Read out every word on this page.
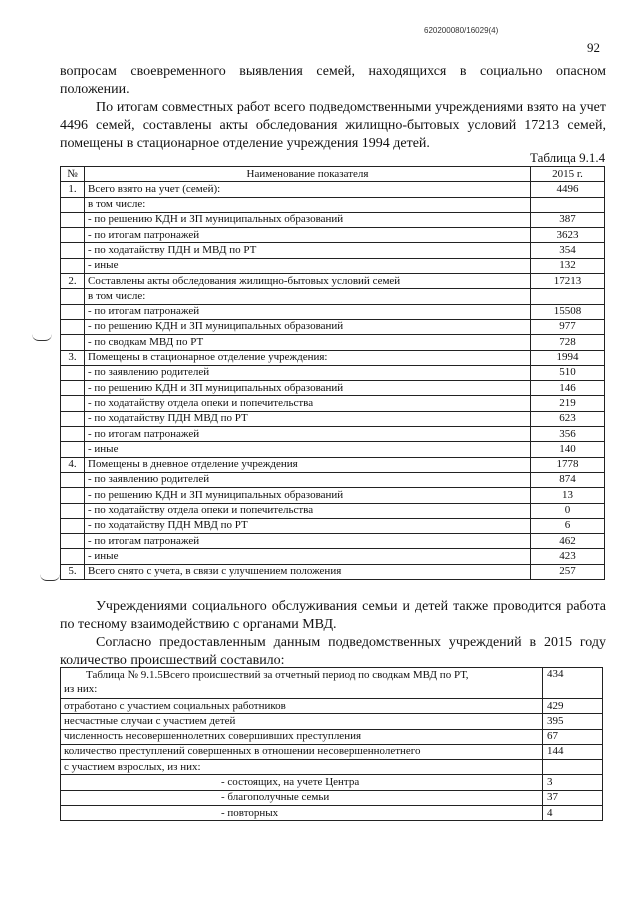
620200080/16029(4)
92

вопросам своевременного выявления семей, находящихся в социально опасном положении.

По итогам совместных работ всего подведомственными учреждениями взято на учет 4496 семей, составлены акты обследования жилищно-бытовых условий 17213 семей, помещены в стационарное отделение учреждения 1994 детей.

Таблица 9.1.4
№	Наименование показателя	2015 г.
1.	Всего взято на учет (семей):	4496
	в том числе:	
	- по решению КДН и ЗП муниципальных образований	387
	- по итогам патронажей	3623
	- по ходатайству ПДН и МВД по РТ	354
	- иные	132
2.	Составлены акты обследования жилищно-бытовых условий семей	17213
	в том числе:	
	- по итогам патронажей	15508
	- по решению КДН и ЗП муниципальных образований	977
	- по сводкам МВД по РТ	728
3.	Помещены в стационарное отделение учреждения:	1994
	- по заявлению родителей	510
	- по решению КДН и ЗП муниципальных образований	146
	- по ходатайству отдела опеки и попечительства	219
	- по ходатайству ПДН МВД по РТ	623
	- по итогам патронажей	356
	- иные	140
4.	Помещены в дневное отделение учреждения	1778
	- по заявлению родителей	874
	- по решению КДН и ЗП муниципальных образований	13
	- по ходатайству отдела опеки и попечительства	0
	- по ходатайству ПДН МВД по РТ	6
	- по итогам патронажей	462
	- иные	423
5.	Всего снято с учета, в связи с улучшением положения	257

Учреждениями социального обслуживания семьи и детей также проводится работа по тесному взаимодействию с органами МВД.

Согласно предоставленным данным подведомственных учреждений в 2015 году количество происшествий составило:

Таблица № 9.1.5Всего происшествий за отчетный период по сводкам МВД по РТ,
из них:	434
отработано с участием социальных работников	429
несчастные случаи с участием детей	395
численность несовершеннолетних совершивших преступления	67
количество преступлений совершенных в отношении несовершеннолетнего	144
с участием взрослых, из них:	
- состоящих, на учете Центра	3
- благополучные семьи	37
- повторных	4
